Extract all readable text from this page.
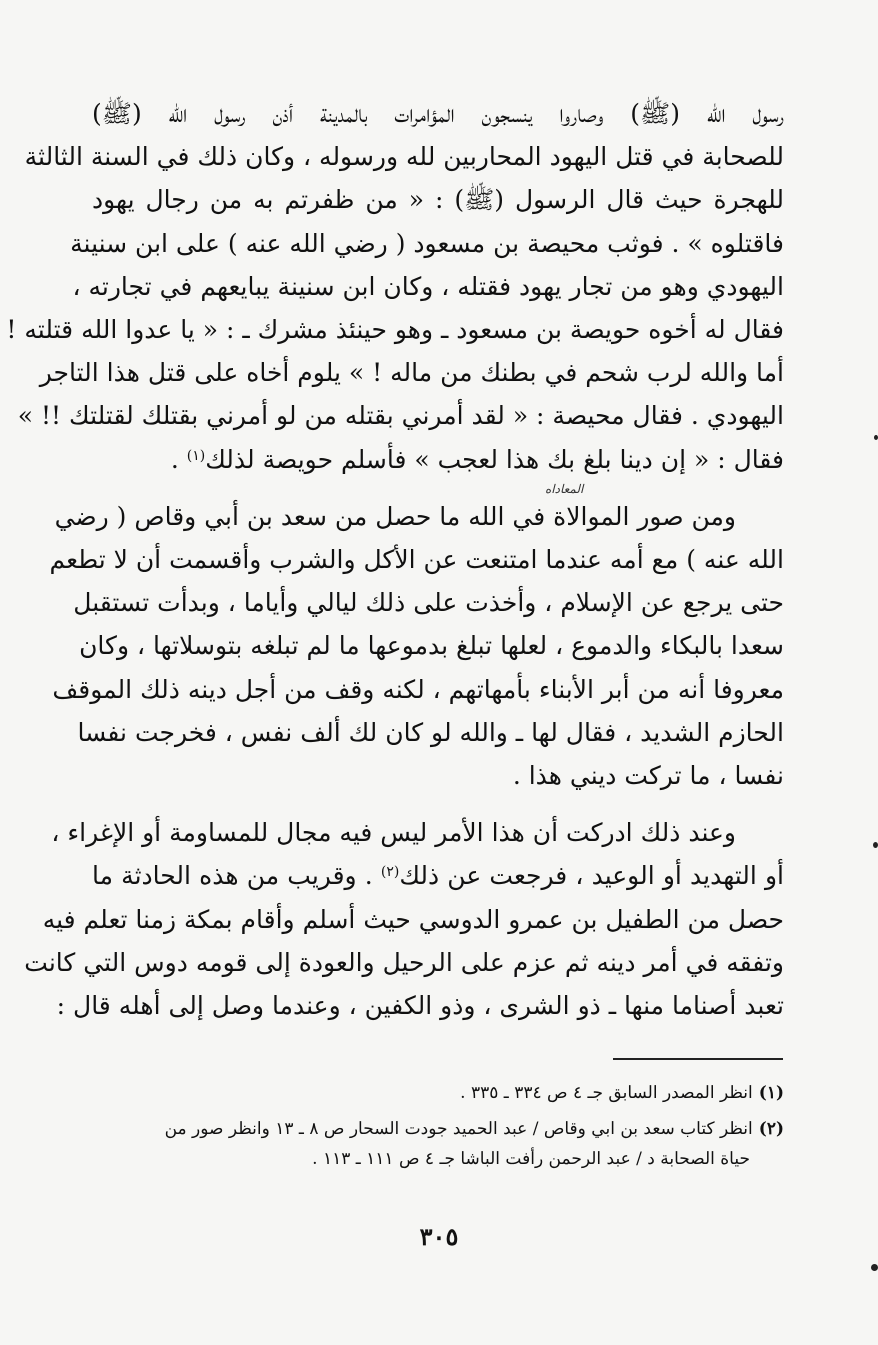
رسول الله (ﷺ) وصاروا ينسجون المؤامرات بالمدينة أذن رسول الله (ﷺ)
للصحابة في قتل اليهود المحاربين لله ورسوله ، وكان ذلك في السنة الثالثة
للهجرة حيث قال الرسول (ﷺ) : « من ظفرتم به من رجال يهود
فاقتلوه » . فوثب محيصة بن مسعود ( رضي الله عنه ) على ابن سنينة
اليهودي وهو من تجار يهود فقتله ، وكان ابن سنينة يبايعهم في تجارته ،
فقال له أخوه حويصة بن مسعود ـ وهو حينئذ مشرك ـ : « يا عدوا الله قتلته !
أما والله لرب شحم في بطنك من ماله ! » يلوم أخاه على قتل هذا التاجر
اليهودي . فقال محيصة : « لقد أمرني بقتله من لو أمرني بقتلك لقتلتك !! »
فقال : « إن دينا بلغ بك هذا لعجب » فأسلم حويصة لذلك$^{(١)}$ .

ومن صور الموالاة في الله ما حصل من سعد بن أبي وقاص ( رضي
الله عنه ) مع أمه عندما امتنعت عن الأكل والشرب وأقسمت أن لا تطعم
حتى يرجع عن الإسلام ، وأخذت على ذلك ليالي وأياما ، وبدأت تستقبل
سعدا بالبكاء والدموع ، لعلها تبلغ بدموعها ما لم تبلغه بتوسلاتها ، وكان
معروفا أنه من أبر الأبناء بأمهاتهم ، لكنه وقف من أجل دينه ذلك الموقف
الحازم الشديد ، فقال لها ـ والله لو كان لك ألف نفس ، فخرجت نفسا
نفسا ، ما تركت ديني هذا .

وعند ذلك ادركت أن هذا الأمر ليس فيه مجال للمساومة أو الإغراء ،
أو التهديد أو الوعيد ، فرجعت عن ذلك$^{(٢)}$ . وقريب من هذه الحادثة ما
حصل من الطفيل بن عمرو الدوسي حيث أسلم وأقام بمكة زمنا تعلم فيه
وتفقه في أمر دينه ثم عزم على الرحيل والعودة إلى قومه دوس التي كانت
تعبد أصناما منها ـ ذو الشرى ، وذو الكفين ، وعندما وصل إلى أهله قال :

المعاداه

(١)انظر المصدر السابق جـ ٤ ص ٣٣٤ ـ ٣٣٥ .

(٢)انظر كتاب سعد بن ابي وقاص / عبد الحميد جودت السحار ص ٨ ـ ١٣ وانظر صور من
حياة الصحابة د / عبد الرحمن رأفت الباشا جـ ٤ ص ١١١ ـ ١١٣ .

٣٠٥
